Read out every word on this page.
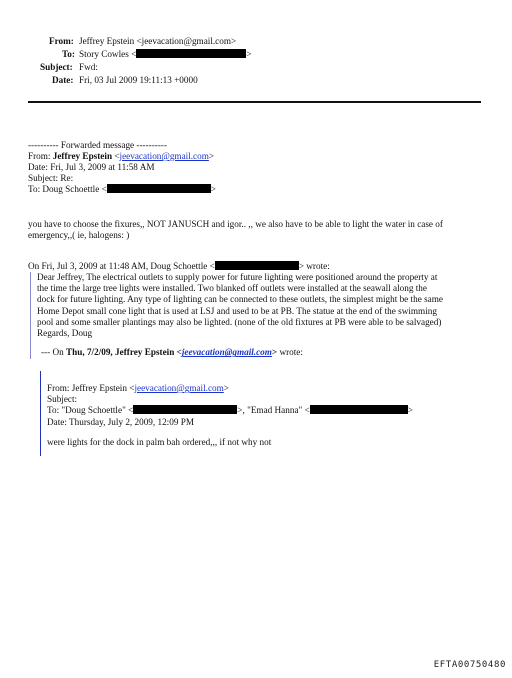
From: Jeffrey Epstein <jeevacation@gmail.com>
To: Story Cowles <	>
Subject: Fwd:
Date: Fri, 03 Jul 2009 19:11:13 +0000
---------- Forwarded message ----------
From: Jeffrey Epstein <jeevacation@gmail.com>
Date: Fri, Jul 3, 2009 at 11:58 AM
Subject: Re:
To: Doug Schoettle <	>
you have to choose the fixures,, NOT JANUSCH and igor.. ,, we also have to be able to light the water in case of
emergency,,( ie, halogens: )
On Fri, Jul 3, 2009 at 11:48 AM, Doug Schoettle <	> wrote:
Dear Jeffrey, The electrical outlets to supply power for future lighting were positioned around the property at
the time the large tree lights were installed. Two blanked off outlets were installed at the seawall along the
dock for future lighting. Any type of lighting can be connected to these outlets, the simplest might be the same
Home Depot small cone light that is used at LSJ and used to be at PB. The statue at the end of the swimming
pool and some smaller plantings may also be lighted. (none of the old fixtures at PB were able to be salvaged)
Regards, Doug
--- On Thu, 7/2/09, Jeffrey Epstein <jeevacation@gmail.com> wrote:
From: Jeffrey Epstein <jeevacation@gmail.com>
Subject:
To: "Doug Schoettle" <	>, "Emad Hanna" <	>
Date: Thursday, July 2, 2009, 12:09 PM
were lights for the dock in palm bah ordered,,, if not why not
EFTA00750480
